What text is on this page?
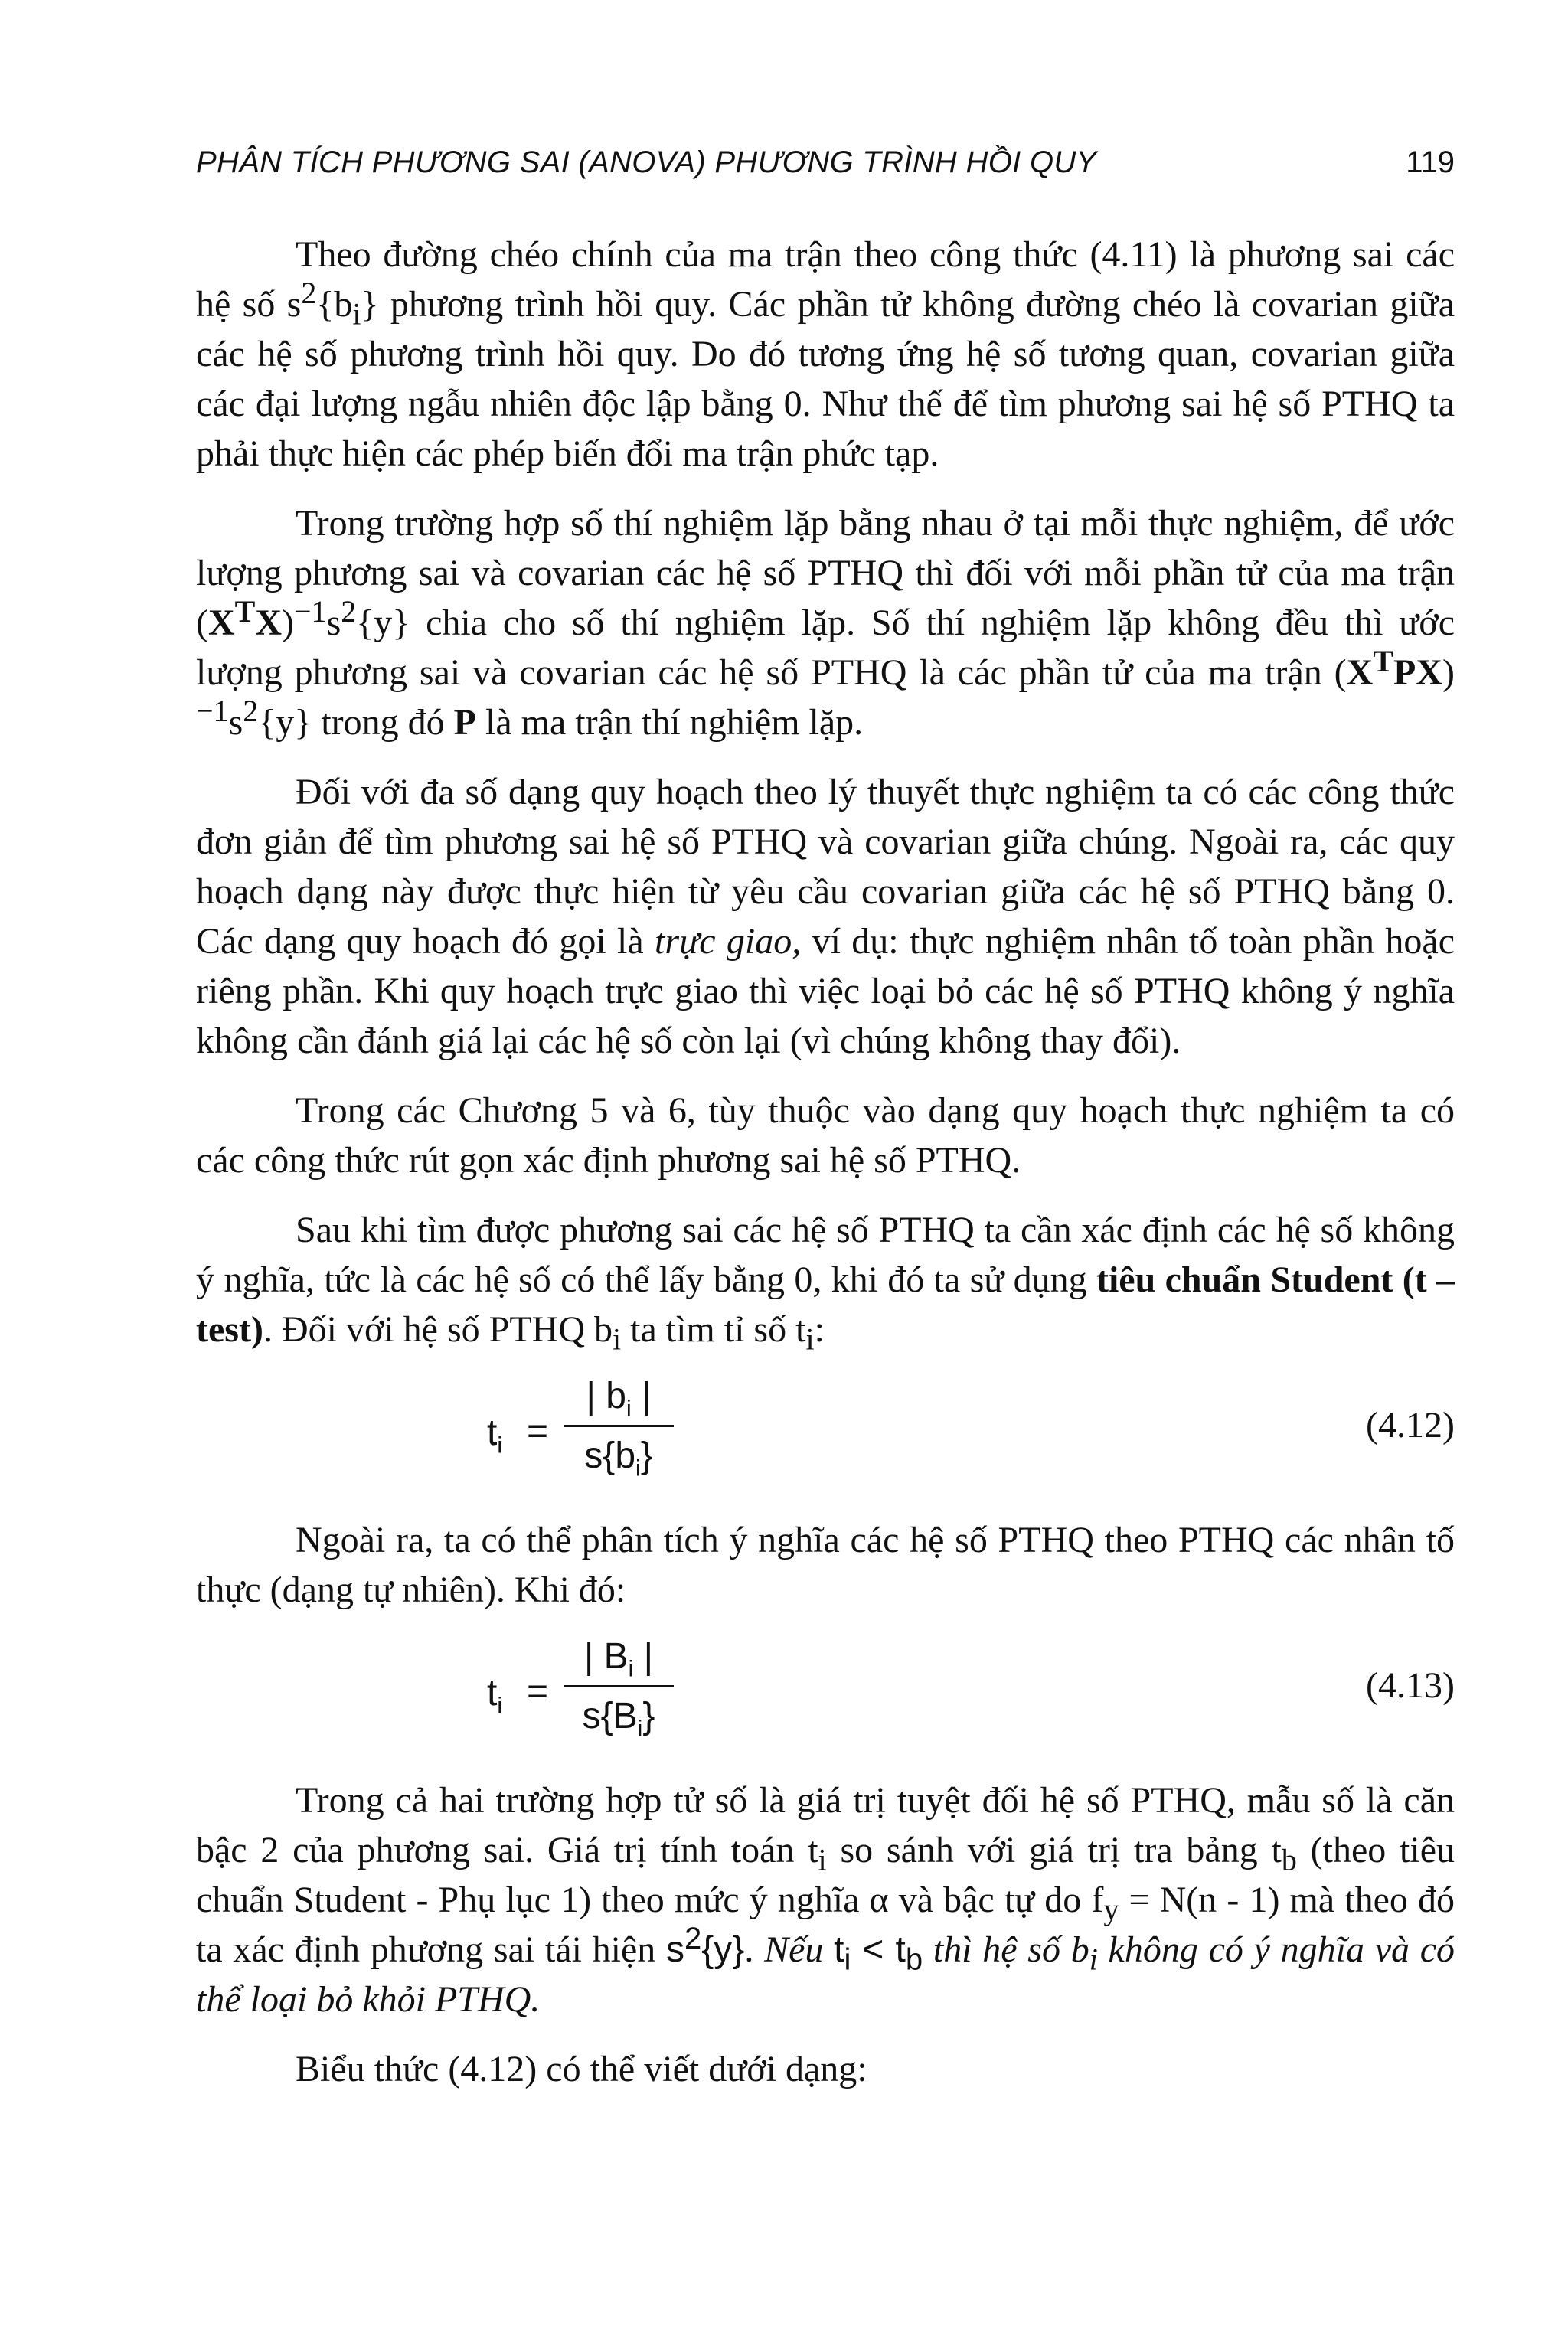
PHÂN TÍCH PHƯƠNG SAI (ANOVA) PHƯƠNG TRÌNH HỒI QUY	119

Theo đường chéo chính của ma trận theo công thức (4.11) là phương sai các hệ số $s^2\{b_i\}$ phương trình hồi quy. Các phần tử không đường chéo là covarian giữa các hệ số phương trình hồi quy. Do đó tương ứng hệ số tương quan, covarian giữa các đại lượng ngẫu nhiên độc lập bằng 0. Như thế để tìm phương sai hệ số PTHQ ta phải thực hiện các phép biến đổi ma trận phức tạp.

Trong trường hợp số thí nghiệm lặp bằng nhau ở tại mỗi thực nghiệm, để ước lượng phương sai và covarian các hệ số PTHQ thì đối với mỗi phần tử của ma trận $(X^TX)^{-1}s^2\{y\}$ chia cho số thí nghiệm lặp. Số thí nghiệm lặp không đều thì ước lượng phương sai và covarian các hệ số PTHQ là các phần tử của ma trận $(X^TPX)^{-1}s^2\{y\}$ trong đó P là ma trận thí nghiệm lặp.

Đối với đa số dạng quy hoạch theo lý thuyết thực nghiệm ta có các công thức đơn giản để tìm phương sai hệ số PTHQ và covarian giữa chúng. Ngoài ra, các quy hoạch dạng này được thực hiện từ yêu cầu covarian giữa các hệ số PTHQ bằng 0. Các dạng quy hoạch đó gọi là trực giao, ví dụ: thực nghiệm nhân tố toàn phần hoặc riêng phần. Khi quy hoạch trực giao thì việc loại bỏ các hệ số PTHQ không ý nghĩa không cần đánh giá lại các hệ số còn lại (vì chúng không thay đổi).

Trong các Chương 5 và 6, tùy thuộc vào dạng quy hoạch thực nghiệm ta có các công thức rút gọn xác định phương sai hệ số PTHQ.

Sau khi tìm được phương sai các hệ số PTHQ ta cần xác định các hệ số không ý nghĩa, tức là các hệ số có thể lấy bằng 0, khi đó ta sử dụng tiêu chuẩn Student (t – test). Đối với hệ số PTHQ $b_i$ ta tìm tỉ số $t_i$:

$t_i$ =
| $b_i$ |
$s\{b_i\}$
(4.12)

Ngoài ra, ta có thể phân tích ý nghĩa các hệ số PTHQ theo PTHQ các nhân tố thực (dạng tự nhiên). Khi đó:

$t_i$ =
| $B_i$ |
$s\{B_i\}$
(4.13)

Trong cả hai trường hợp tử số là giá trị tuyệt đối hệ số PTHQ, mẫu số là căn bậc 2 của phương sai. Giá trị tính toán $t_i$ so sánh với giá trị tra bảng $t_b$ (theo tiêu chuẩn Student - Phụ lục 1) theo mức ý nghĩa α và bậc tự do $f_y = N(n - 1)$ mà theo đó ta xác định phương sai tái hiện $s^2\{y\}$. Nếu $t_i < t_b$ thì hệ số $b_i$ không có ý nghĩa và có thể loại bỏ khỏi PTHQ.

Biểu thức (4.12) có thể viết dưới dạng:
